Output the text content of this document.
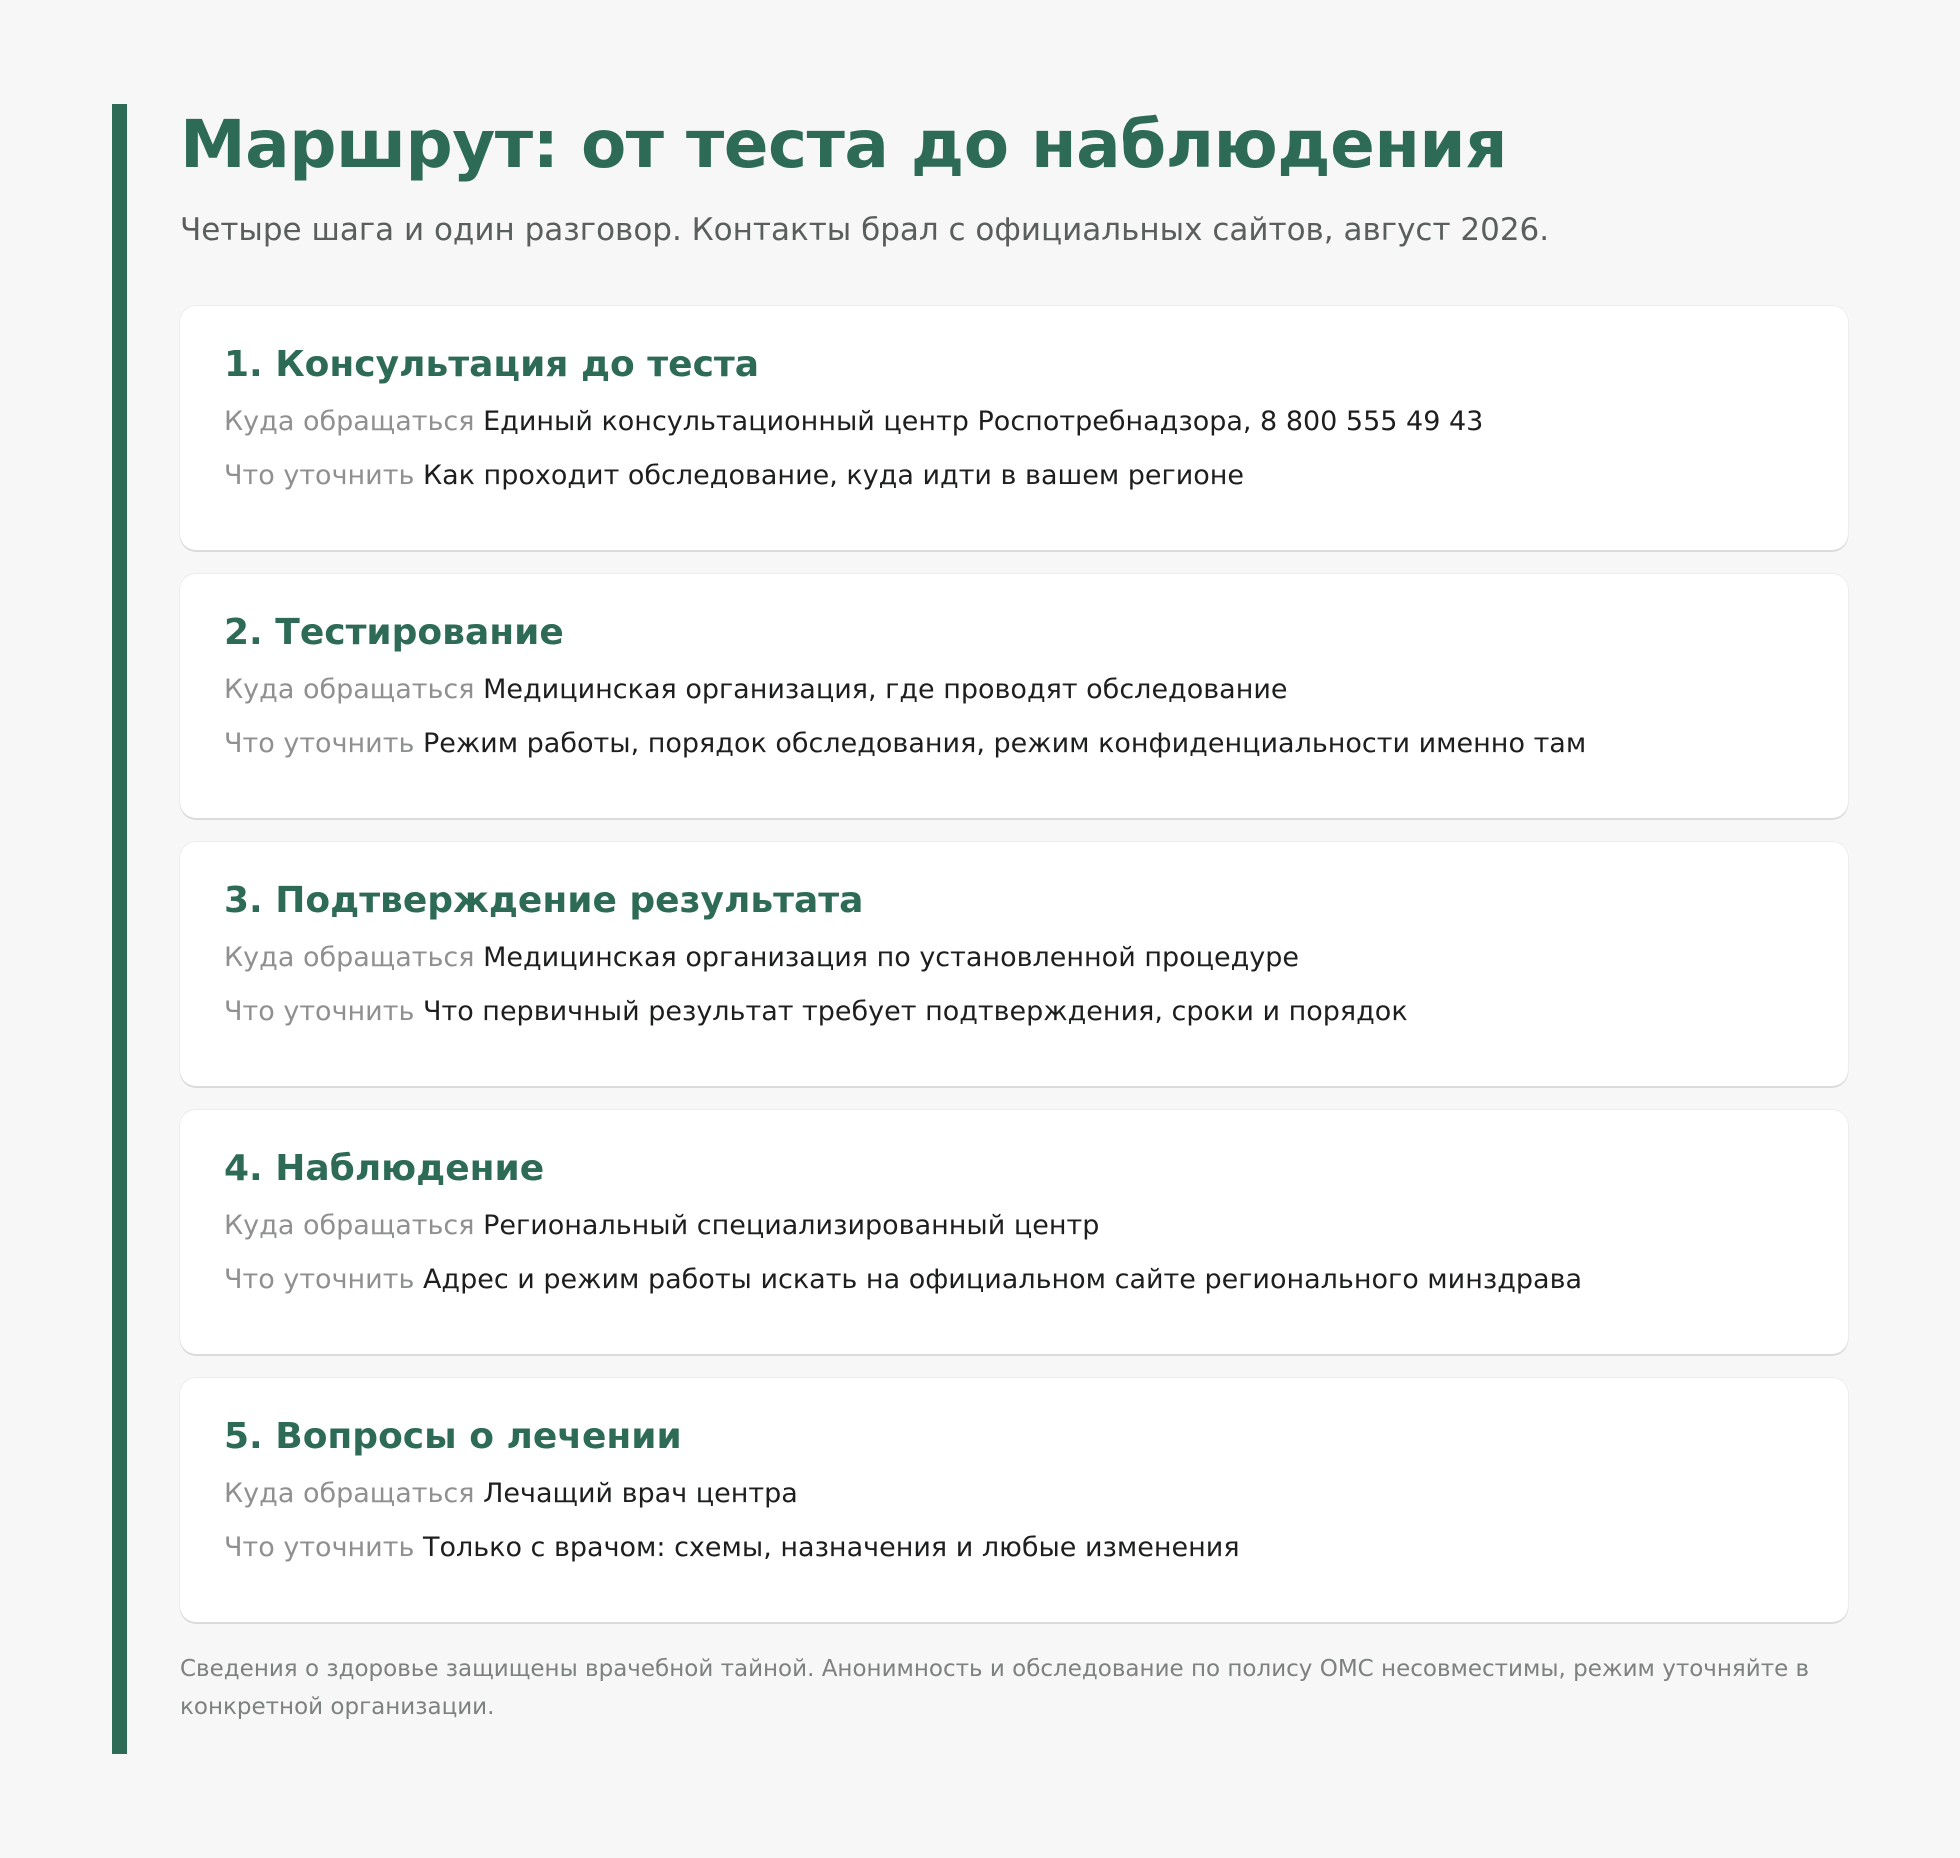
Маршрут: от теста до наблюдения

Четыре шага и один разговор. Контакты брал с официальных сайтов, август 2026.

1. Консультация до теста
Куда обращаться Единый консультационный центр Роспотребнадзора, 8 800 555 49 43
Что уточнить Как проходит обследование, куда идти в вашем регионе
2. Тестирование
Куда обращаться Медицинская организация, где проводят обследование
Что уточнить Режим работы, порядок обследования, режим конфиденциальности именно там
3. Подтверждение результата
Куда обращаться Медицинская организация по установленной процедуре
Что уточнить Что первичный результат требует подтверждения, сроки и порядок
4. Наблюдение
Куда обращаться Региональный специализированный центр
Что уточнить Адрес и режим работы искать на официальном сайте регионального минздрава
5. Вопросы о лечении
Куда обращаться Лечащий врач центра
Что уточнить Только с врачом: схемы, назначения и любые изменения
Сведения о здоровье защищены врачебной тайной. Анонимность и обследование по полису ОМС несовместимы, режим уточняйте в конкретной организации.
